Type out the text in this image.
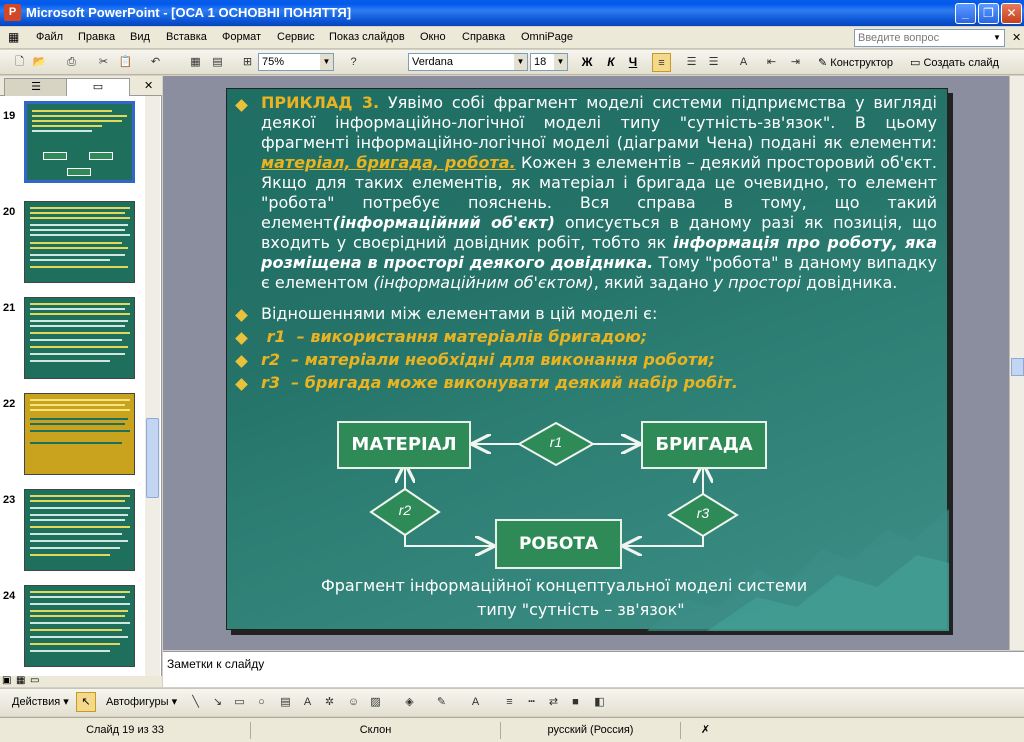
P Microsoft PowerPoint - [ОСА 1 ОСНОВНІ ПОНЯТТЯ]	_	❐	✕
▦ Файл Правка Вид Вставка Формат Сервис Показ слайдов Окно Справка OmniPage	Введите вопрос	▼ ✕
🗋 📂	⎙	✂ 📋	↶	▦	▤	⊞ 75%	▼	?	Verdana	▼ 18	▼	Ж	К	Ч	≡	☰	☰	A	⇤	⇥	✎ Конструктор ▭ Создать слайд
☰	▭	✕
19
20
21
22
23
24
ПРИКЛАД 3. Уявімо собі фрагмент моделі системи підприємства у вигляді деякої інформаційно-логічної моделі типу "сутність-зв'язок". В цьому фрагменті інформаційно-логічної моделі (діаграми Чена) подані як елементи: матеріал, бригада, робота. Кожен з елементів – деякий просторовий об'єкт. Якщо для таких елементів, як матеріал і бригада це очевидно, то елемент "робота" потребує пояснень. Вся справа в тому, що такий елемент(інформаційний об'єкт) описується в даному разі як позиція, що входить у своєрідний довідник робіт, тобто як інформація про роботу, яка розміщена в просторі деякого довідника. Тому "робота" в даному випадку є елементом (інформаційним об'єктом), який задано у просторі довідника.
Відношеннями між елементами в цій моделі є:
r1 – використання матеріалів бригадою;
r2 – матеріали необхідні для виконання роботи;
r3 – бригада може виконувати деякий набір робіт.
МАТЕРІАЛ	БРИГАДА
РОБОТА
r1
r2	r3
Фрагмент інформаційної концептуальної моделі системи
типу "сутність – зв'язок"
Заметки к слайду
▣ ▦ ▭
Действия ▾	↖	Автофигуры ▾	╲	↘	▭	○	▤	A	✲	☺	▨	◈	✎	A	≡	┅	⇄	■	◧
Слайд 19 из 33	Склон	русский (Россия)	✗
